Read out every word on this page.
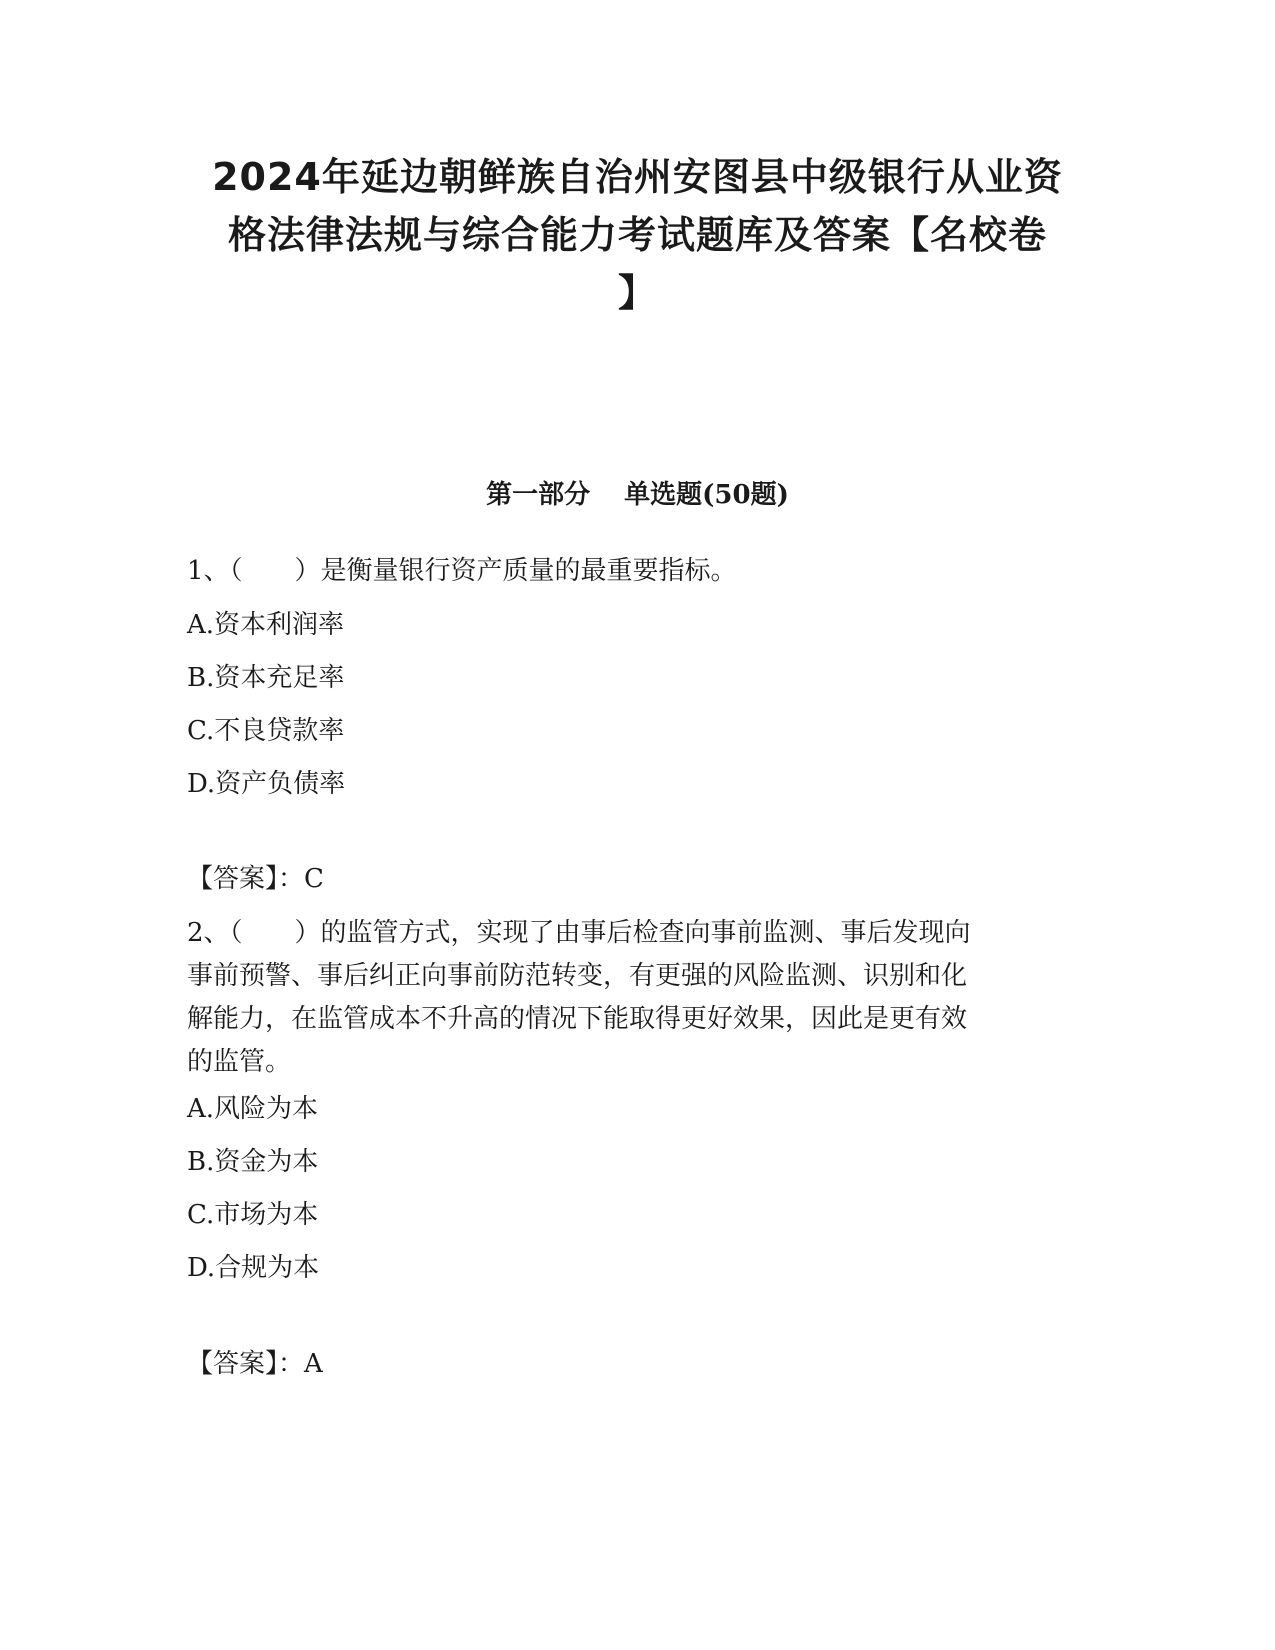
2024年延边朝鲜族自治州安图县中级银行从业资
格法律法规与综合能力考试题库及答案【名校卷
】
第一部分 单选题(50题)

1、（　　）是衡量银行资产质量的最重要指标。

A.资本利润率

B.资本充足率

C.不良贷款率

D.资产负债率

【答案】：C

2、（　　）的监管方式，实现了由事后检查向事前监测、事后发现向
事前预警、事后纠正向事前防范转变，有更强的风险监测、识别和化
解能力，在监管成本不升高的情况下能取得更好效果，因此是更有效
的监管。

A.风险为本

B.资金为本

C.市场为本

D.合规为本

【答案】：A
